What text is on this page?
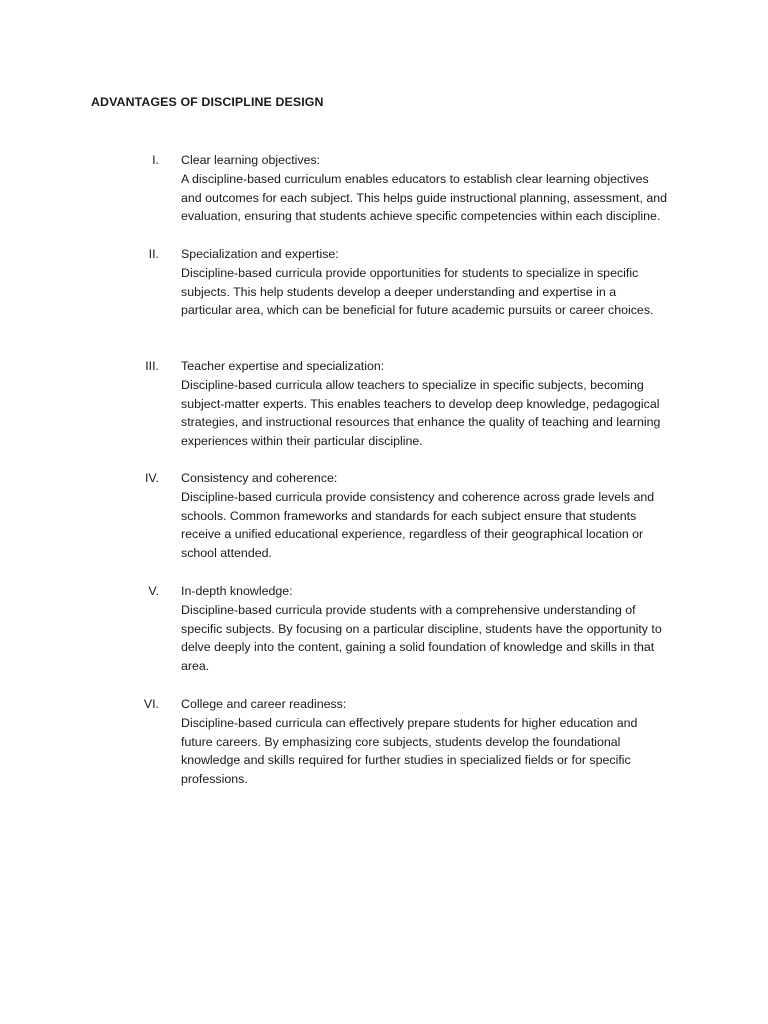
ADVANTAGES OF DISCIPLINE DESIGN
I. Clear learning objectives:
A discipline-based curriculum enables educators to establish clear learning objectives
and outcomes for each subject. This helps guide instructional planning, assessment, and
evaluation, ensuring that students achieve specific competencies within each discipline.
II. Specialization and expertise:
Discipline-based curricula provide opportunities for students to specialize in specific
subjects. This help students develop a deeper understanding and expertise in a
particular area, which can be beneficial for future academic pursuits or career choices.
III. Teacher expertise and specialization:
Discipline-based curricula allow teachers to specialize in specific subjects, becoming
subject-matter experts. This enables teachers to develop deep knowledge, pedagogical
strategies, and instructional resources that enhance the quality of teaching and learning
experiences within their particular discipline.
IV. Consistency and coherence:
Discipline-based curricula provide consistency and coherence across grade levels and
schools. Common frameworks and standards for each subject ensure that students
receive a unified educational experience, regardless of their geographical location or
school attended.
V. In-depth knowledge:
Discipline-based curricula provide students with a comprehensive understanding of
specific subjects. By focusing on a particular discipline, students have the opportunity to
delve deeply into the content, gaining a solid foundation of knowledge and skills in that
area.
VI. College and career readiness:
Discipline-based curricula can effectively prepare students for higher education and
future careers. By emphasizing core subjects, students develop the foundational
knowledge and skills required for further studies in specialized fields or for specific
professions.
